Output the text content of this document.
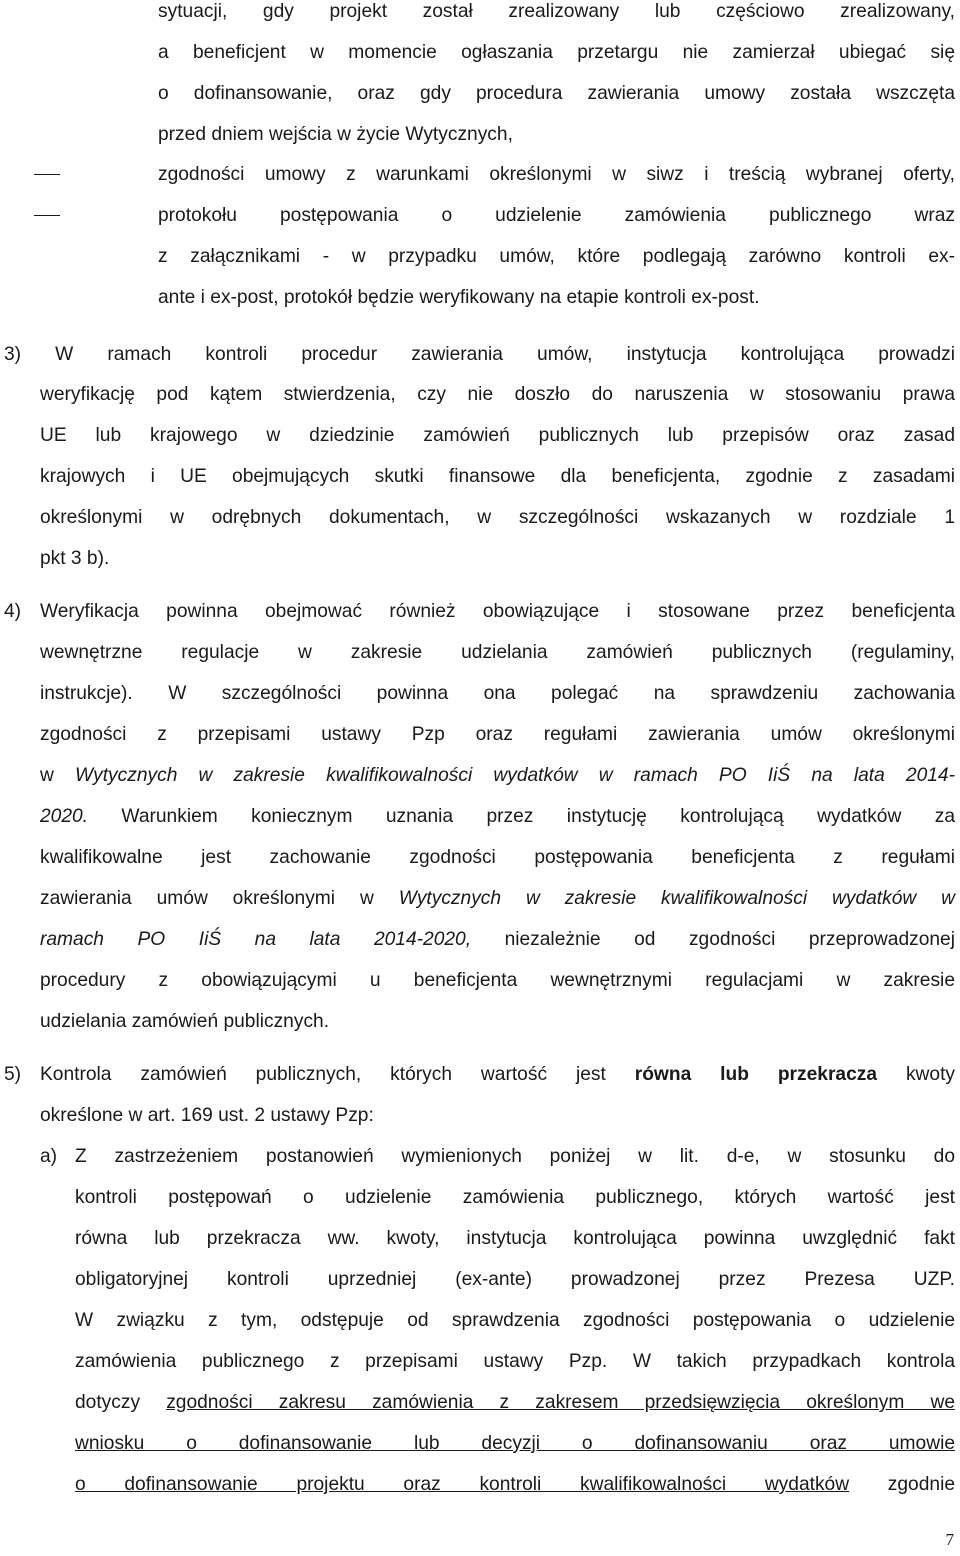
sytuacji, gdy projekt został zrealizowany lub częściowo zrealizowany,
a beneficjent w momencie ogłaszania przetargu nie zamierzał ubiegać się
o dofinansowanie, oraz gdy procedura zawierania umowy została wszczęta
przed dniem wejścia w życie Wytycznych,
zgodności umowy z warunkami określonymi w siwz i treścią wybranej oferty,
protokołu postępowania o udzielenie zamówienia publicznego wraz
z załącznikami - w przypadku umów, które podlegają zarówno kontroli ex-
ante i ex-post, protokół będzie weryfikowany na etapie kontroli ex-post.
3) W ramach kontroli procedur zawierania umów, instytucja kontrolująca prowadzi
weryfikację pod kątem stwierdzenia, czy nie doszło do naruszenia w stosowaniu prawa
UE lub krajowego w dziedzinie zamówień publicznych lub przepisów oraz zasad
krajowych i UE obejmujących skutki finansowe dla beneficjenta, zgodnie z zasadami
określonymi w odrębnych dokumentach, w szczególności wskazanych w rozdziale 1
pkt 3 b).
4) Weryfikacja powinna obejmować również obowiązujące i stosowane przez beneficjenta
wewnętrzne regulacje w zakresie udzielania zamówień publicznych (regulaminy,
instrukcje). W szczególności powinna ona polegać na sprawdzeniu zachowania
zgodności z przepisami ustawy Pzp oraz regułami zawierania umów określonymi
w Wytycznych w zakresie kwalifikowalności wydatków w ramach PO IiŚ na lata 2014-
2020. Warunkiem koniecznym uznania przez instytucję kontrolującą wydatków za
kwalifikowalne jest zachowanie zgodności postępowania beneficjenta z regułami
zawierania umów określonymi w Wytycznych w zakresie kwalifikowalności wydatków w
ramach PO IiŚ na lata 2014-2020, niezależnie od zgodności przeprowadzonej
procedury z obowiązującymi u beneficjenta wewnętrznymi regulacjami w zakresie
udzielania zamówień publicznych.
5) Kontrola zamówień publicznych, których wartość jest równa lub przekracza kwoty
określone w art. 169 ust. 2 ustawy Pzp:
a) Z zastrzeżeniem postanowień wymienionych poniżej w lit. d-e, w stosunku do
kontroli postępowań o udzielenie zamówienia publicznego, których wartość jest
równa lub przekracza ww. kwoty, instytucja kontrolująca powinna uwzględnić fakt
obligatoryjnej kontroli uprzedniej (ex-ante) prowadzonej przez Prezesa UZP.
W związku z tym, odstępuje od sprawdzenia zgodności postępowania o udzielenie
zamówienia publicznego z przepisami ustawy Pzp. W takich przypadkach kontrola
dotyczy zgodności zakresu zamówienia z zakresem przedsięwzięcia określonym we
wniosku o dofinansowanie lub decyzji o dofinansowaniu oraz umowie
o dofinansowanie projektu oraz kontroli kwalifikowalności wydatków zgodnie
7
